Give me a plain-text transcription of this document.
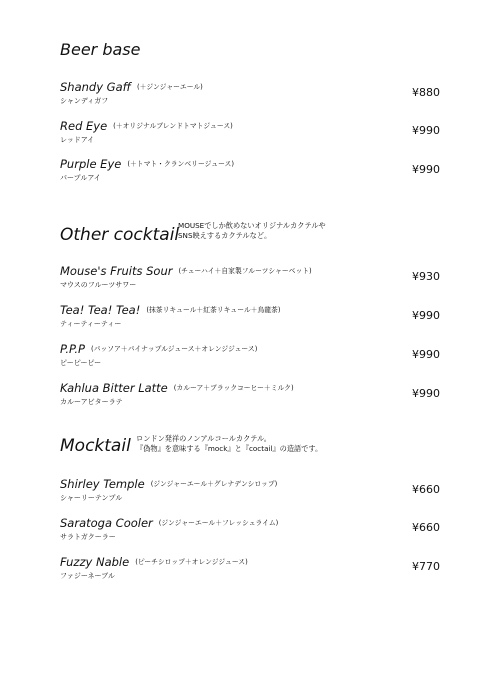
Beer base
Shandy Gaff (＋ジンジャーエール)
シャンディガフ
¥880
Red Eye (＋オリジナルブレンドトマトジュース)
レッドアイ
¥990
Purple Eye (＋トマト・クランベリージュース)
パープルアイ
¥990
Other cocktail
MOUSEでしか飲めないオリジナルカクテルや
SNS映えするカクテルなど。
Mouse's Fruits Sour (チューハイ＋自家製フルーツシャーベット)
マウスのフルーツサワー
¥930
Tea! Tea! Tea! (抹茶リキュール＋紅茶リキュール＋烏龍茶)
ティーティーティー
¥990
P.P.P (パッソア＋パイナップルジュース＋オレンジジュース)
ピーピーピー
¥990
Kahlua Bitter Latte (カルーア＋ブラックコーヒー＋ミルク)
カルーアビターラテ
¥990
Mocktail ロンドン発祥のノンアルコールカクテル。
『偽物』を意味する『mock』と『coctail』の造語です。
Shirley Temple (ジンジャーエール＋グレナデンシロップ)
シャーリーテンプル
¥660
Saratoga Cooler (ジンジャーエール＋フレッシュライム)
サラトガクーラー
¥660
Fuzzy Nable (ピーチシロップ＋オレンジジュース)
ファジーネーブル
¥770
